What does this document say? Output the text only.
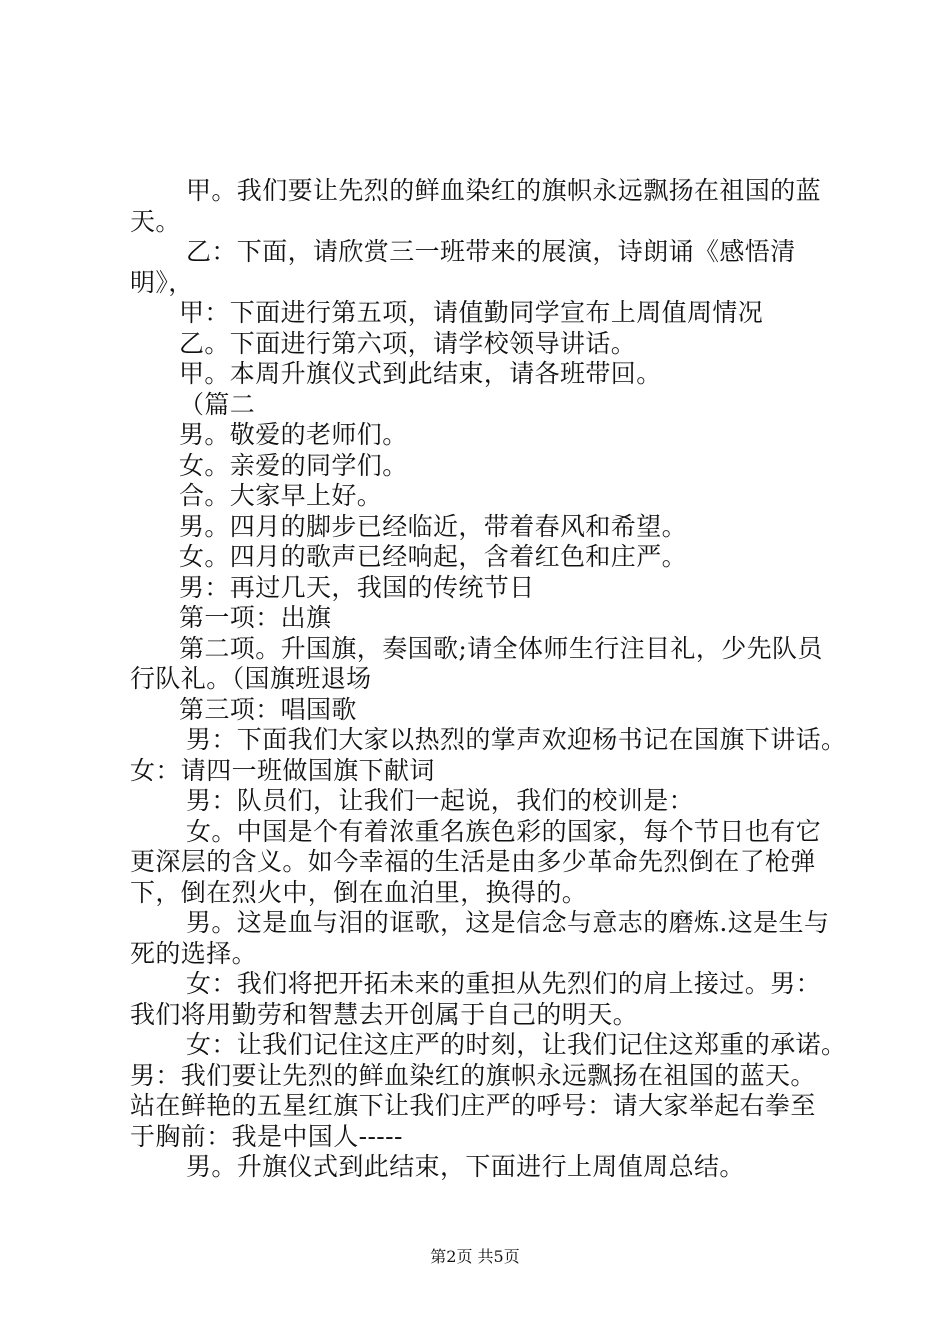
甲。我们要让先烈的鲜血染红的旗帜永远飘扬在祖国的蓝
天。
乙：下面，请欣赏三一班带来的展演，诗朗诵《感悟清
明》，
甲：下面进行第五项，请值勤同学宣布上周值周情况
乙。下面进行第六项，请学校领导讲话。
甲。本周升旗仪式到此结束，请各班带回。
（篇二
男。敬爱的老师们。
女。亲爱的同学们。
合。大家早上好。
男。四月的脚步已经临近，带着春风和希望。
女。四月的歌声已经响起，含着红色和庄严。
男：再过几天，我国的传统节日
第一项：出旗
第二项。升国旗，奏国歌;请全体师生行注目礼，少先队员
行队礼。（国旗班退场
第三项：唱国歌
男：下面我们大家以热烈的掌声欢迎杨书记在国旗下讲话。
女：请四一班做国旗下献词
男：队员们，让我们一起说，我们的校训是：
女。中国是个有着浓重名族色彩的国家，每个节日也有它
更深层的含义。如今幸福的生活是由多少革命先烈倒在了枪弹
下，倒在烈火中，倒在血泊里，换得的。
男。这是血与泪的诓歌，这是信念与意志的磨炼.这是生与
死的选择。
女：我们将把开拓未来的重担从先烈们的肩上接过。男：
我们将用勤劳和智慧去开创属于自己的明天。
女：让我们记住这庄严的时刻，让我们记住这郑重的承诺。
男：我们要让先烈的鲜血染红的旗帜永远飘扬在祖国的蓝天。
站在鲜艳的五星红旗下让我们庄严的呼号：请大家举起右拳至
于胸前：我是中国人-----
男。升旗仪式到此结束，下面进行上周值周总结。
第2页 共5页
